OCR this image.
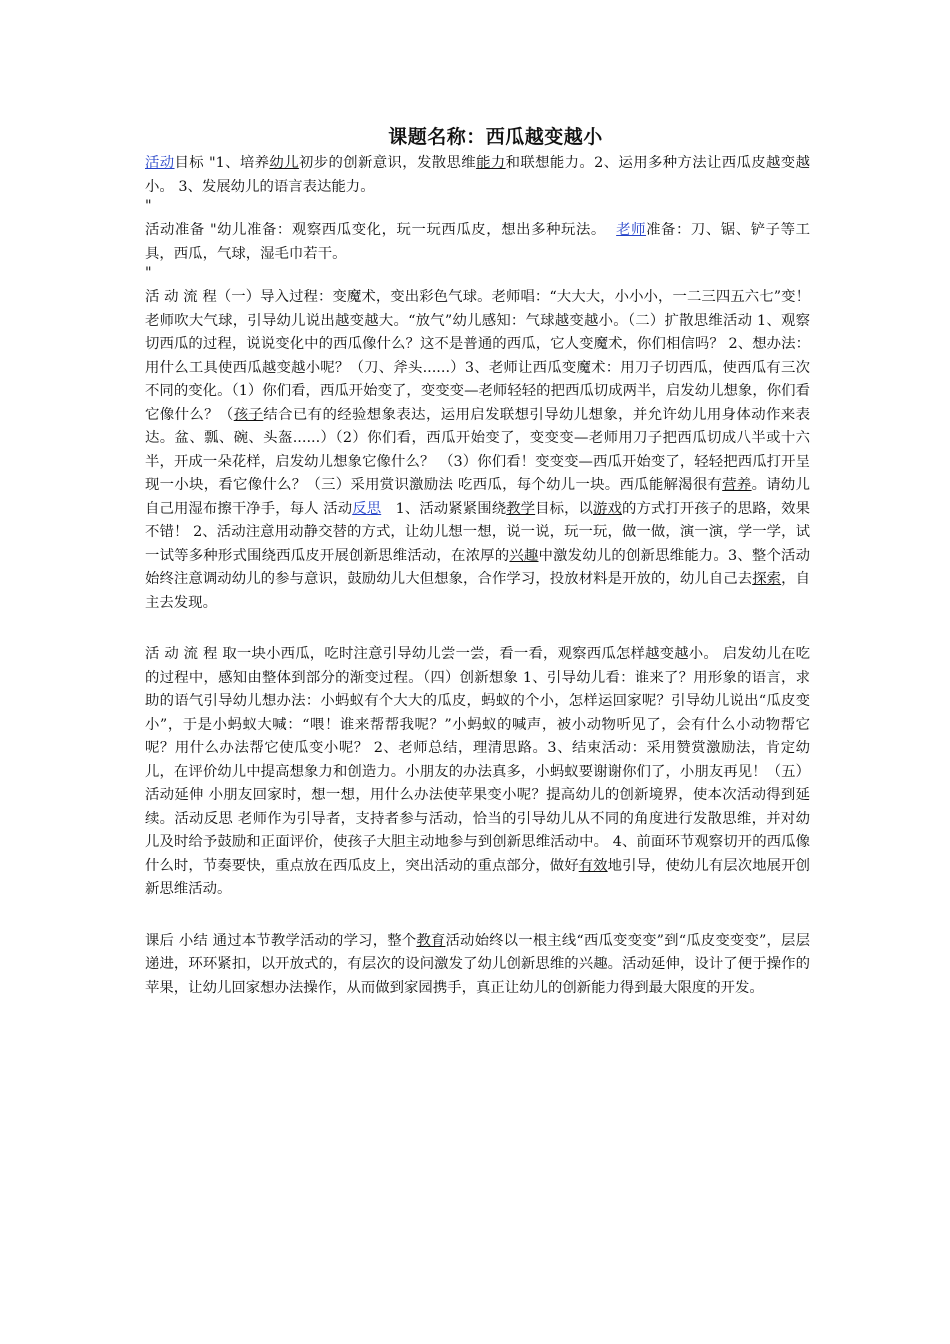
课题名称：西瓜越变越小

活动目标 "1、培养幼儿初步的创新意识，发散思维能力和联想能力。2、运用多种方法让西瓜皮越变越小。 3、发展幼儿的语言表达能力。

"

活动准备 "幼儿准备：观察西瓜变化，玩一玩西瓜皮，想出多种玩法。  老师准备：刀、锯、铲子等工具，西瓜，气球，湿毛巾若干。

"

活 动 流 程（一）导入过程：变魔术，变出彩色气球。老师唱：“大大大，小小小，一二三四五六七”变！老师吹大气球，引导幼儿说出越变越大。“放气”幼儿感知：气球越变越小。（二）扩散思维活动 1、观察切西瓜的过程，说说变化中的西瓜像什么？这不是普通的西瓜，它人变魔术，你们相信吗？ 2、想办法：用什么工具使西瓜越变越小呢？（刀、斧头......）3、老师让西瓜变魔术：用刀子切西瓜，使西瓜有三次不同的变化。（1）你们看，西瓜开始变了，变变变—老师轻轻的把西瓜切成两半，启发幼儿想象，你们看它像什么？（孩子结合已有的经验想象表达，运用启发联想引导幼儿想象，并允许幼儿用身体动作来表达。盆、瓢、碗、头盔......）（2）你们看，西瓜开始变了，变变变—老师用刀子把西瓜切成八半或十六半，开成一朵花样，启发幼儿想象它像什么？ （3）你们看！变变变—西瓜开始变了，轻轻把西瓜打开呈现一小块，看它像什么？（三）采用赏识激励法 吃西瓜，每个幼儿一块。西瓜能解渴很有营养。请幼儿自己用湿布擦干净手，每人 活动反思　1、活动紧紧围绕教学目标，以游戏的方式打开孩子的思路，效果不错！ 2、活动注意用动静交替的方式，让幼儿想一想，说一说，玩一玩，做一做，演一演，学一学，试一试等多种形式围绕西瓜皮开展创新思维活动，在浓厚的兴趣中激发幼儿的创新思维能力。3、整个活动始终注意调动幼儿的参与意识，鼓励幼儿大但想象，合作学习，投放材料是开放的，幼儿自己去探索，自主去发现。

活 动 流 程 取一块小西瓜，吃时注意引导幼儿尝一尝，看一看，观察西瓜怎样越变越小。 启发幼儿在吃的过程中，感知由整体到部分的渐变过程。（四）创新想象 1、引导幼儿看：谁来了？用形象的语言，求助的语气引导幼儿想办法：小蚂蚁有个大大的瓜皮，蚂蚁的个小，怎样运回家呢？引导幼儿说出“瓜皮变小”，于是小蚂蚁大喊：“喂！谁来帮帮我呢？”小蚂蚁的喊声，被小动物听见了，会有什么小动物帮它呢？用什么办法帮它使瓜变小呢？ 2、老师总结，理清思路。3、结束活动：采用赞赏激励法，肯定幼儿，在评价幼儿中提高想象力和创造力。小朋友的办法真多，小蚂蚁要谢谢你们了，小朋友再见！（五）活动延伸 小朋友回家时，想一想，用什么办法使苹果变小呢？提高幼儿的创新境界，使本次活动得到延续。活动反思 老师作为引导者，支持者参与活动，恰当的引导幼儿从不同的角度进行发散思维，并对幼儿及时给予鼓励和正面评价，使孩子大胆主动地参与到创新思维活动中。 4、前面环节观察切开的西瓜像什么时，节奏要快，重点放在西瓜皮上，突出活动的重点部分，做好有效地引导，使幼儿有层次地展开创新思维活动。

课后 小结 通过本节教学活动的学习，整个教育活动始终以一根主线“西瓜变变变”到“瓜皮变变变”，层层递进，环环紧扣，以开放式的，有层次的设问激发了幼儿创新思维的兴趣。活动延伸，设计了便于操作的苹果，让幼儿回家想办法操作，从而做到家园携手，真正让幼儿的创新能力得到最大限度的开发。
